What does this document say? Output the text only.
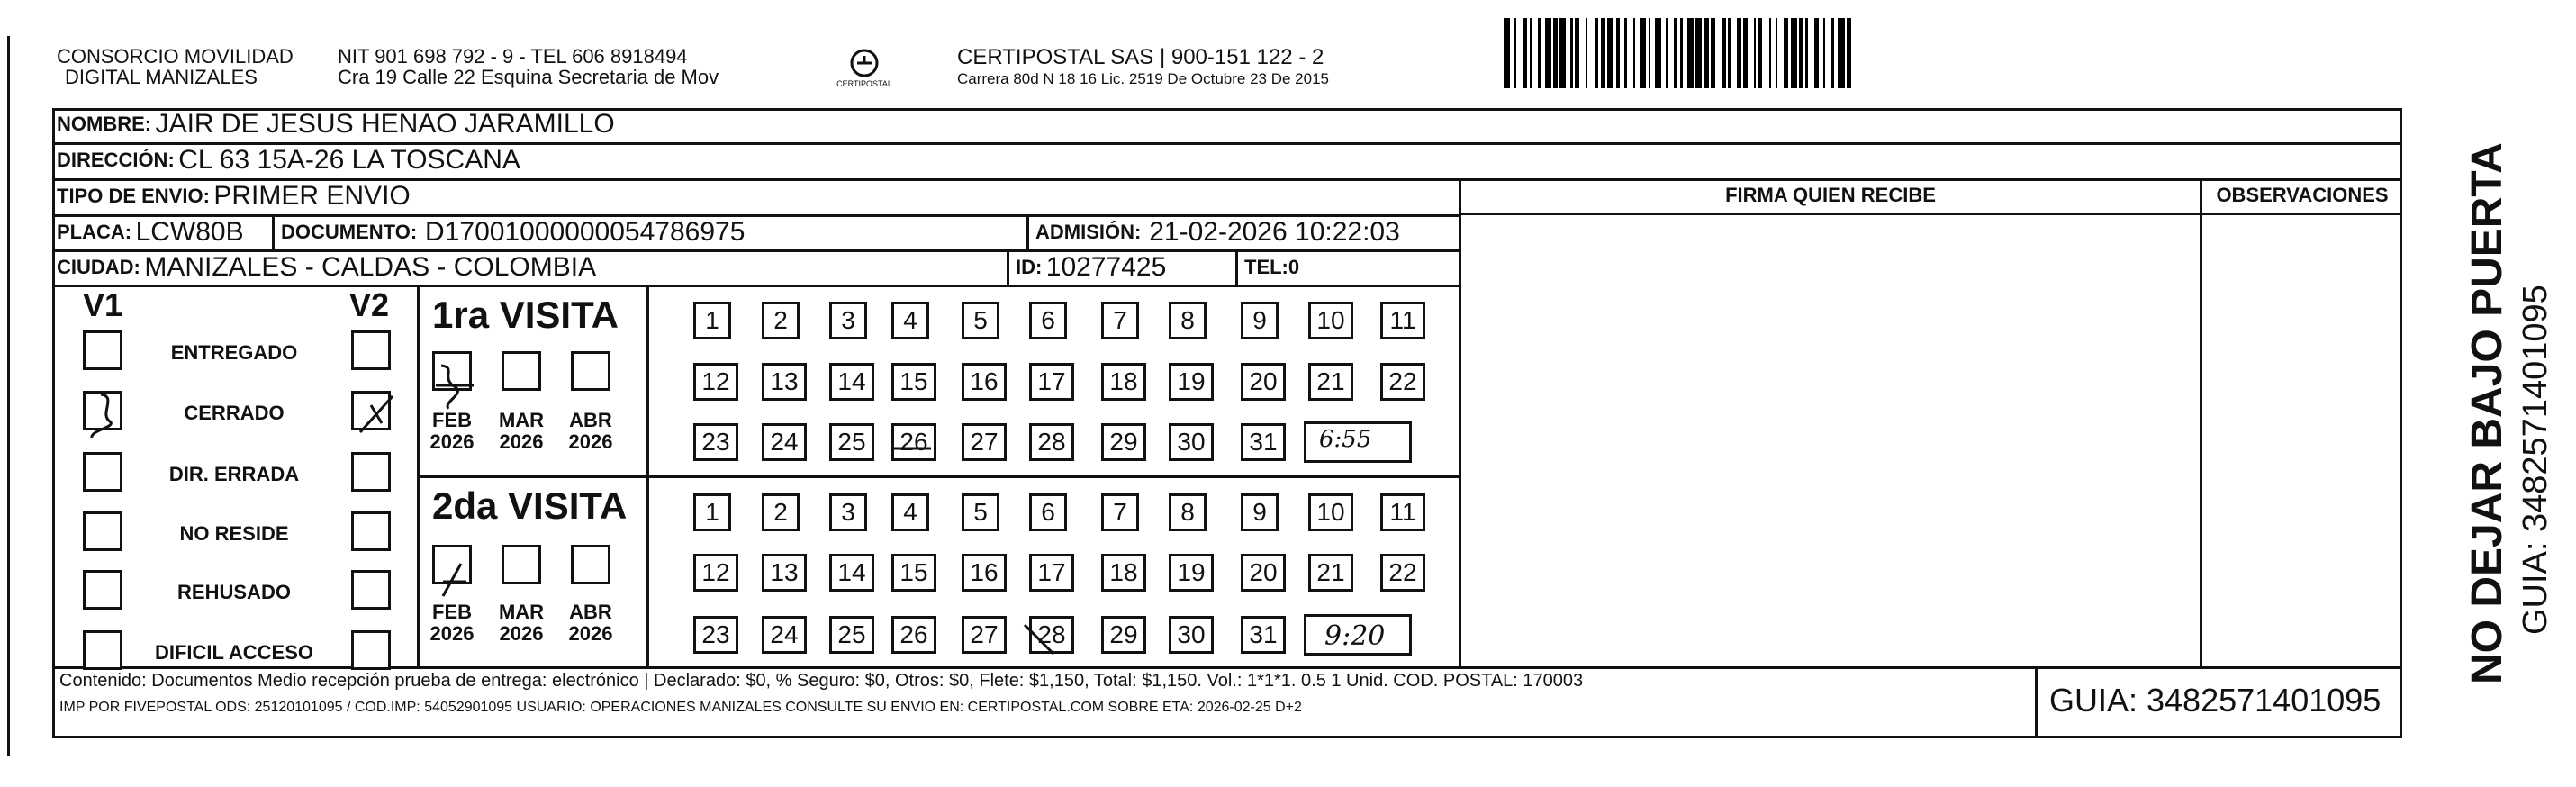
CONSORCIO MOVILIDAD
DIGITAL MANIZALES
NIT 901 698 792 - 9 - TEL 606 8918494
Cra 19 Calle 22 Esquina Secretaria de Mov	CERTIPOSTAL
CERTIPOSTAL SAS | 900-151 122 - 2
Carrera 80d N 18 16 Lic. 2519 De Octubre 23 De 2015
NOMBRE:
JAIR DE JESUS HENAO JARAMILLO
DIRECCIÓN:
CL 63 15A-26 LA TOSCANA
TIPO DE ENVIO:
PRIMER ENVIO	FIRMA QUIEN RECIBE	OBSERVACIONES
PLACA:
LCW80B DOCUMENTO:
D17001000000054786975	ADMISIÓN:
21-02-2026 10:22:03
CIUDAD:
MANIZALES - CALDAS - COLOMBIA	ID:
10277425	TEL: 0
V1	V2
ENTREGADO
CERRADO
DIR. ERRADA
NO RESIDE
REHUSADO
DIFICIL ACCESO
1ra VISITA
2da VISITA
FEB
2026
MAR
2026
ABR
2026
FEB
2026
MAR
2026
ABR
2026
1	2	3	4	5	6	7	8	9	10	11
12	13	14	15	16	17	18	19	20	21	22
23	24	25	26	27	28	29	30	31
1	2	3	4	5	6	7	8	9	10	11
12	13	14	15	16	17	18	19	20	21	22
23	24	25	26	27	28	29	30	31
6:55
9:20
Contenido: Documentos Medio recepción prueba de entrega: electrónico | Declarado: $0, % Seguro: $0, Otros: $0, Flete: $1,150, Total: $1,150. Vol.: 1*1*1. 0.5 1 Unid. COD. POSTAL: 170003
IMP POR FIVEPOSTAL ODS: 25120101095 / COD.IMP: 54052901095 USUARIO: OPERACIONES MANIZALES CONSULTE SU ENVIO EN: CERTIPOSTAL.COM SOBRE ETA: 2026-02-25 D+2	GUIA: 3482571401095
NO DEJAR BAJO PUERTA GUIA: 3482571401095
